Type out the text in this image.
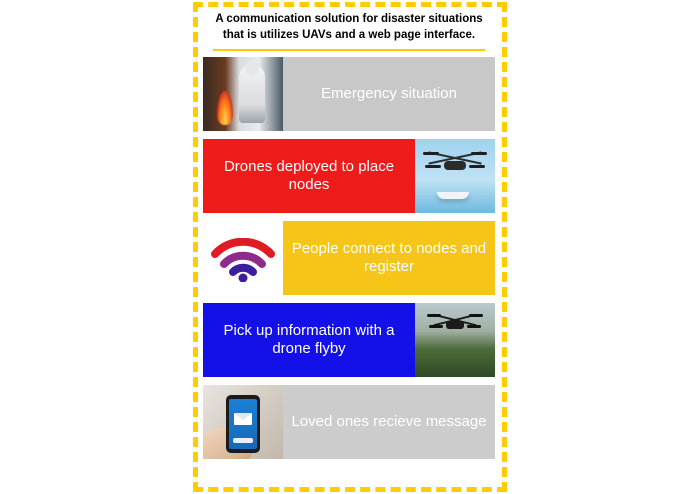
A communication solution for disaster situations
that is utilizes UAVs and a web page interface.
Emergency situation
Drones deployed to place nodes
People connect to nodes and register
Pick up information with a drone flyby
Loved ones recieve message
